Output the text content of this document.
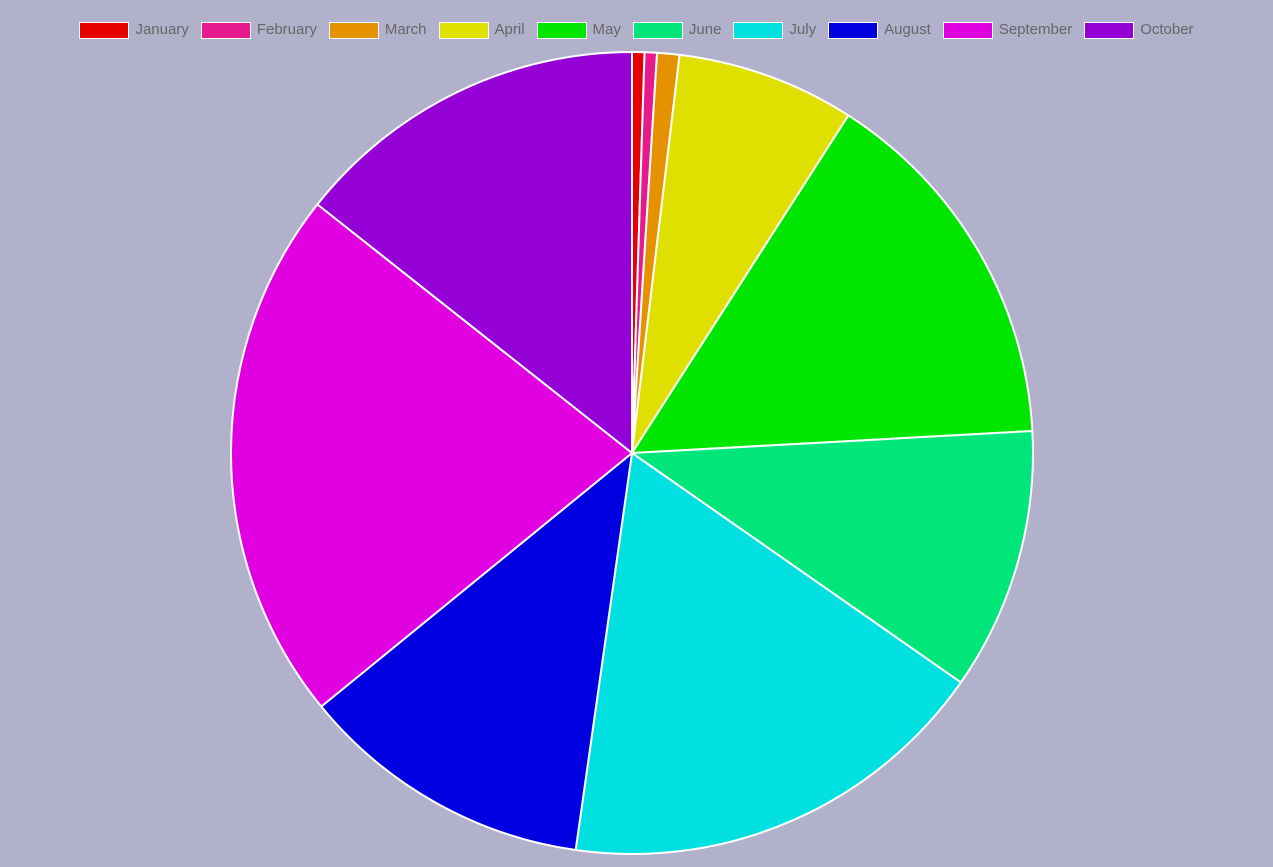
January	February	March	April	May	June	July	August	September	October
